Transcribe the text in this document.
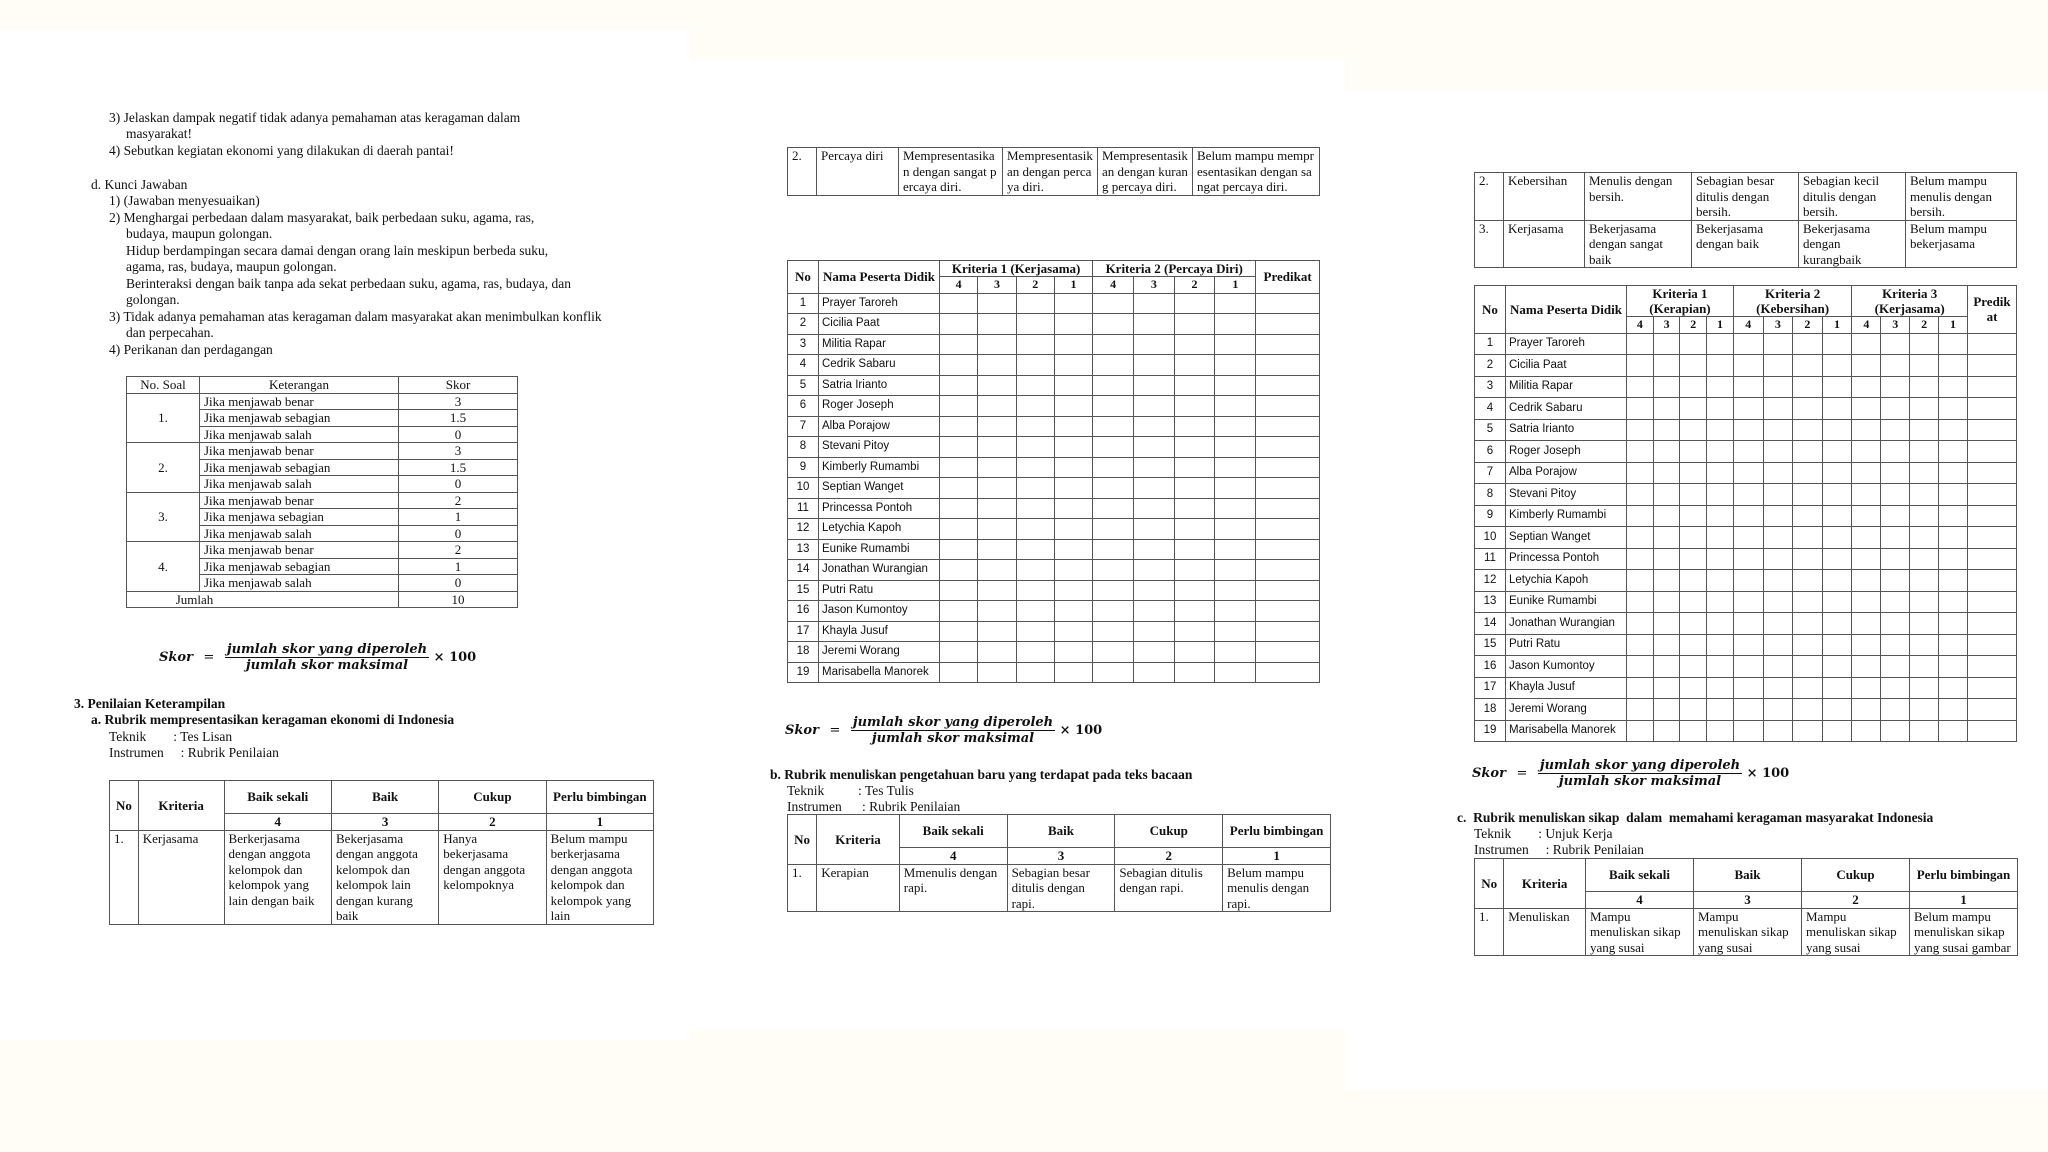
3) Jelaskan dampak negatif tidak adanya pemahaman atas keragaman dalam
masyarakat!
4) Sebutkan kegiatan ekonomi yang dilakukan di daerah pantai!
d. Kunci Jawaban
1) (Jawaban menyesuaikan)
2) Menghargai perbedaan dalam masyarakat, baik perbedaan suku, agama, ras,
budaya, maupun golongan.
Hidup berdampingan secara damai dengan orang lain meskipun berbeda suku,
agama, ras, budaya, maupun golongan.
Berinteraksi dengan baik tanpa ada sekat perbedaan suku, agama, ras, budaya, dan
golongan.
3) Tidak adanya pemahaman atas keragaman dalam masyarakat akan menimbulkan konflik
dan perpecahan.
4) Perikanan dan perdagangan
No. Soal	Keterangan	Skor
1.	Jika menjawab benar	3
	Jika menjawab sebagian	1.5
	Jika menjawab salah	0
2.	Jika menjawab benar	3
	Jika menjawab sebagian	1.5
	Jika menjawab salah	0
3.	Jika menjawab benar	2
	Jika menjawa sebagian	1
	Jika menjawab salah	0
4.	Jika menjawab benar	2
	Jika menjawab sebagian	1
	Jika menjawab salah	0
Jumlah		10
Skor = $\frac{\text{jumlah skor yang diperoleh}}{\text{jumlah skor maksimal}} \times 100$
3. Penilaian Keterampilan
a. Rubrik mempresentasikan keragaman ekonomi di Indonesia
Teknik        : Tes Lisan
Instrumen     : Rubrik Penilaian
No	Kriteria	Baik sekali	Baik	Cukup	Perlu bimbingan
		4	3	2	1
1.	Kerjasama	Berkerjasama dengan anggota kelompok dan kelompok yang lain dengan baik	Bekerjasama dengan anggota kelompok dan kelompok lain dengan kurang baik	Hanya bekerjasama dengan anggota kelompoknya	Belum mampu berkerjasama dengan anggota kelompok dan kelompok yang lain
2.	Percaya diri	Mempresentasikan dengan sangat percaya diri.	Mempresentasikan dengan percaya diri.	Mempresentasikan dengan kurang percaya diri.	Belum mampu mempresentasikan dengan sangat percaya diri.
No	Nama Peserta Didik	Kriteria 1 (Kerjasama)				Kriteria 2 (Percaya Diri)				Predikat
		4	3	2	1	4	3	2	1	
1	Prayer Taroreh									
2	Cicilia Paat									
3	Militia Rapar									
4	Cedrik Sabaru									
5	Satria Irianto									
6	Roger Joseph									
7	Alba Porajow									
8	Stevani Pitoy									
9	Kimberly Rumambi									
10	Septian Wanget									
11	Princessa Pontoh									
12	Letychia Kapoh									
13	Eunike Rumambi									
14	Jonathan Wurangian									
15	Putri Ratu									
16	Jason Kumontoy									
17	Khayla Jusuf									
18	Jeremi Worang									
19	Marisabella Manorek									
Skor = $\frac{\text{jumlah skor yang diperoleh}}{\text{jumlah skor maksimal}} \times 100$
b. Rubrik menuliskan pengetahuan baru yang terdapat pada teks bacaan
Teknik          : Tes Tulis
Instrumen      : Rubrik Penilaian
No	Kriteria	Baik sekali	Baik	Cukup	Perlu bimbingan
		4	3	2	1
1.	Kerapian	Mmenulis dengan rapi.	Sebagian besar ditulis dengan rapi.	Sebagian ditulis dengan rapi.	Belum mampu menulis dengan rapi.
2.	Kebersihan	Menulis dengan bersih.	Sebagian besar ditulis dengan bersih.	Sebagian kecil ditulis dengan bersih.	Belum mampu menulis dengan bersih.
3.	Kerjasama	Bekerjasama dengan sangat baik	Bekerjasama dengan baik	Bekerjasama dengan kurangbaik	Belum mampu bekerjasama
No	Nama Peserta Didik	Kriteria 1 (Kerapian)				Kriteria 2 (Kebersihan)				Kriteria 3 (Kerjasama)				Predikat
		4	3	2	1	4	3	2	1	4	3	2	1	
1	Prayer Taroreh													
2	Cicilia Paat													
3	Militia Rapar													
4	Cedrik Sabaru													
5	Satria Irianto													
6	Roger Joseph													
7	Alba Porajow													
8	Stevani Pitoy													
9	Kimberly Rumambi													
10	Septian Wanget													
11	Princessa Pontoh													
12	Letychia Kapoh													
13	Eunike Rumambi													
14	Jonathan Wurangian													
15	Putri Ratu													
16	Jason Kumontoy													
17	Khayla Jusuf													
18	Jeremi Worang													
19	Marisabella Manorek													
Skor = $\frac{\text{jumlah skor yang diperoleh}}{\text{jumlah skor maksimal}} \times 100$
c.  Rubrik menuliskan sikap  dalam  memahami keragaman masyarakat Indonesia
Teknik        : Unjuk Kerja
Instrumen     : Rubrik Penilaian
No	Kriteria	Baik sekali	Baik	Cukup	Perlu bimbingan
		4	3	2	1
1.	Menuliskan	Mampu menuliskan sikap yang susai	Mampu menuliskan sikap yang susai	Mampu menuliskan sikap yang susai	Belum mampu menuliskan sikap yang susai gambar
